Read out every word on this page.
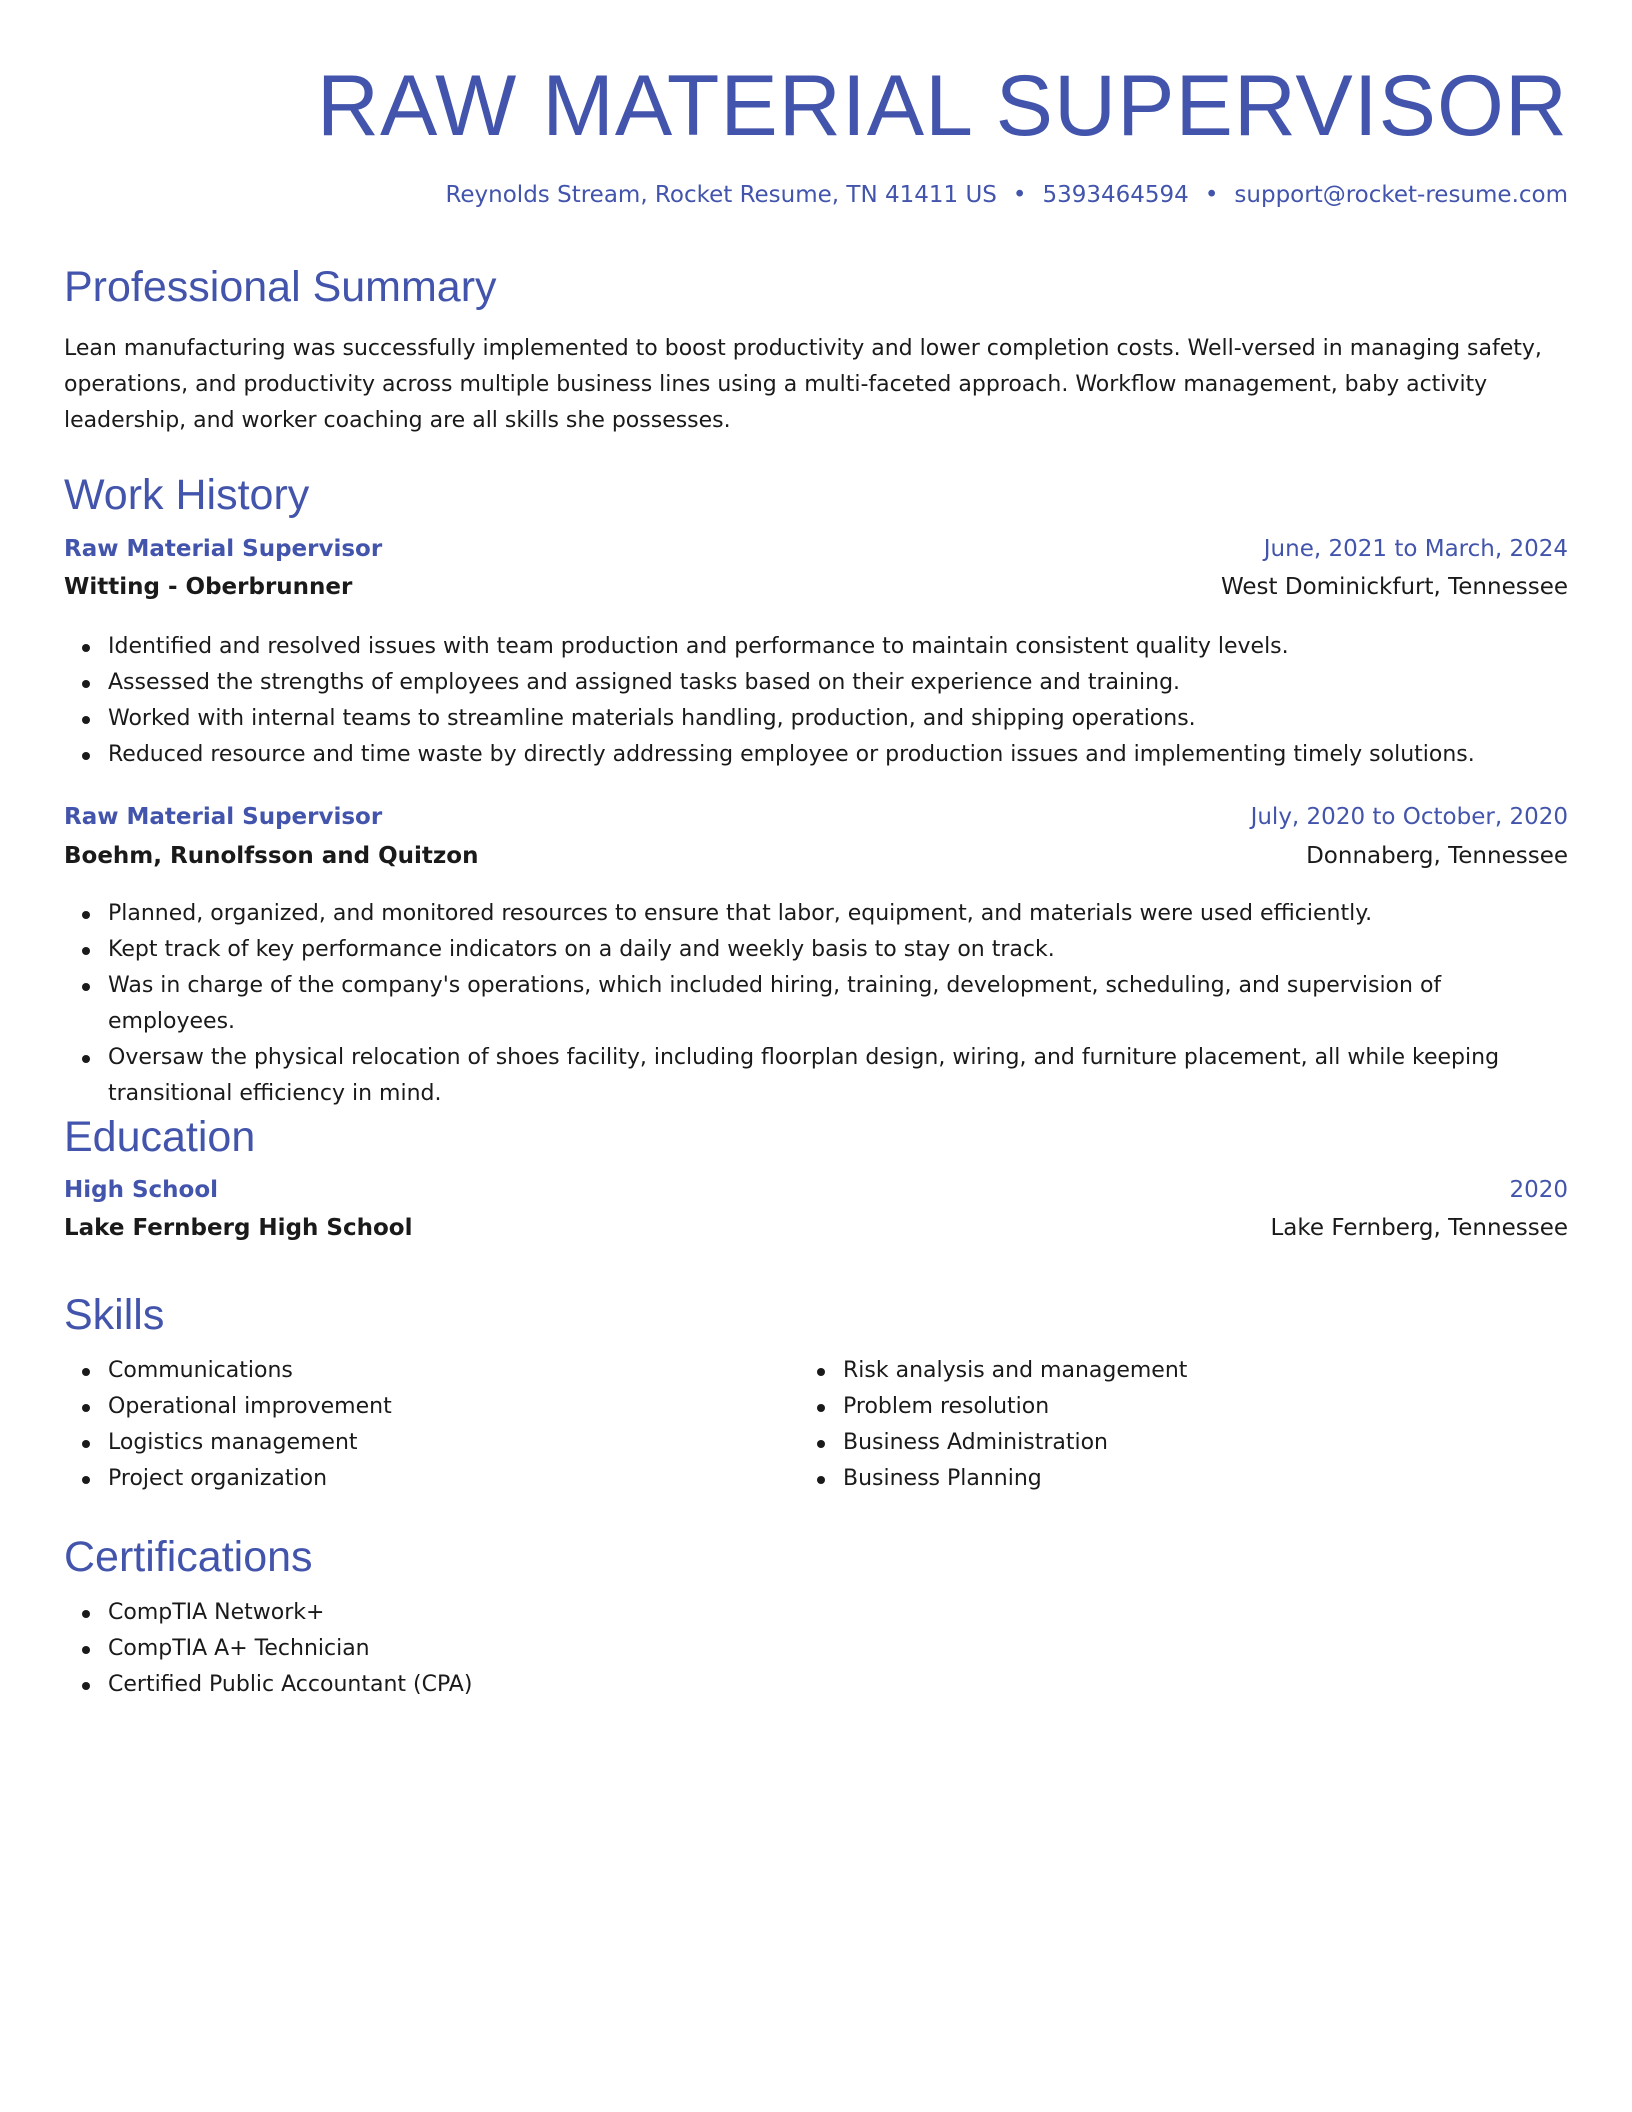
RAW MATERIAL SUPERVISOR

Reynolds Stream, Rocket Resume, TN 41411 US • 5393464594 • support@rocket-resume.com

Professional Summary

Lean manufacturing was successfully implemented to boost productivity and lower completion costs. Well-versed in managing safety, operations, and productivity across multiple business lines using a multi-faceted approach. Workflow management, baby activity leadership, and worker coaching are all skills she possesses.

Work History
Raw Material Supervisor	June, 2021 to March, 2024
Witting - Oberbrunner	West Dominickfurt, Tennessee
Identified and resolved issues with team production and performance to maintain consistent quality levels.
Assessed the strengths of employees and assigned tasks based on their experience and training.
Worked with internal teams to streamline materials handling, production, and shipping operations.
Reduced resource and time waste by directly addressing employee or production issues and implementing timely solutions.
Raw Material Supervisor	July, 2020 to October, 2020
Boehm, Runolfsson and Quitzon	Donnaberg, Tennessee
Planned, organized, and monitored resources to ensure that labor, equipment, and materials were used efficiently.
Kept track of key performance indicators on a daily and weekly basis to stay on track.
Was in charge of the company's operations, which included hiring, training, development, scheduling, and supervision of employees.
Oversaw the physical relocation of shoes facility, including floorplan design, wiring, and furniture placement, all while keeping transitional efficiency in mind.
Education
High School	2020
Lake Fernberg High School	Lake Fernberg, Tennessee
Skills
Communications
Operational improvement
Logistics management
Project organization
Risk analysis and management
Problem resolution
Business Administration
Business Planning
Certifications
CompTIA Network+
CompTIA A+ Technician
Certified Public Accountant (CPA)
